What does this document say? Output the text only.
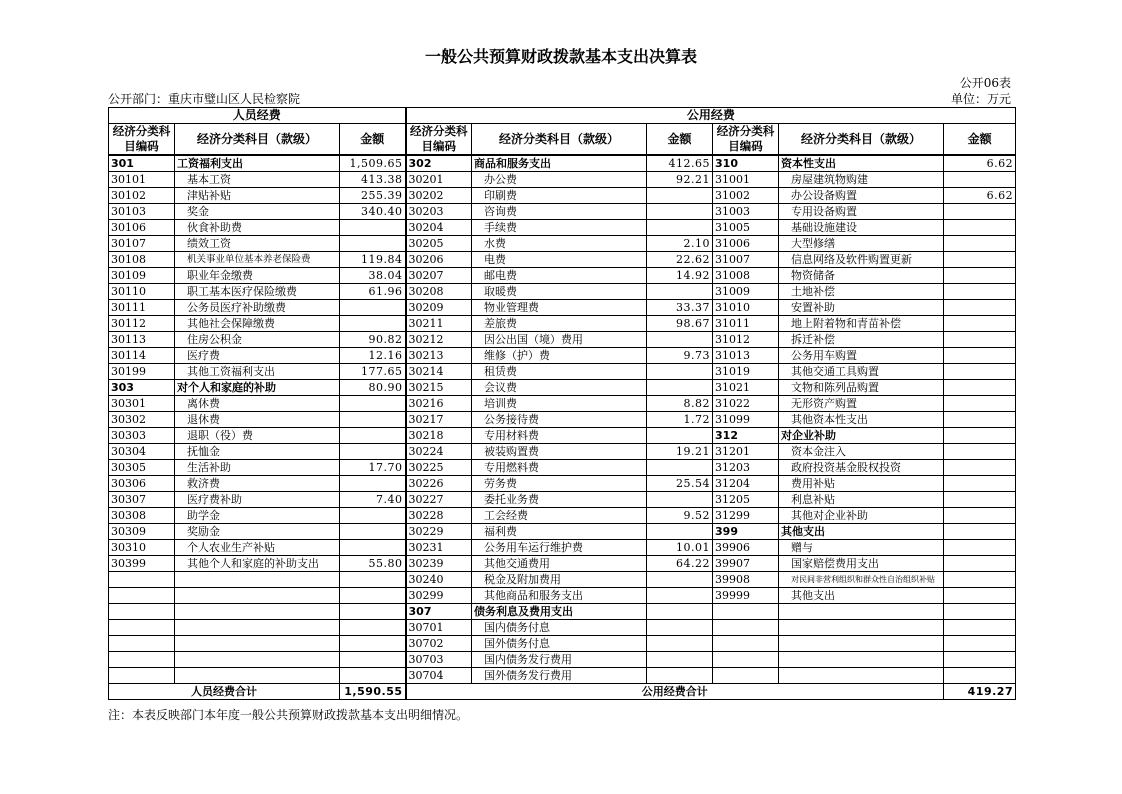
一般公共预算财政拨款基本支出决算表
公开06表
公开部门：重庆市璧山区人民检察院	单位：万元
人员经费			公用经费					
经济分类科目编码	经济分类科目（款级）	金额	经济分类科目编码	经济分类科目（款级）	金额	经济分类科目编码	经济分类科目（款级）	金额
301	工资福利支出	1,509.65	302	商品和服务支出	412.65	310	资本性支出	6.62
30101	基本工资	413.38	30201	办公费	92.21	31001	房屋建筑物购建	
30102	津贴补贴	255.39	30202	印刷费		31002	办公设备购置	6.62
30103	奖金	340.40	30203	咨询费		31003	专用设备购置	
30106	伙食补助费		30204	手续费		31005	基础设施建设	
30107	绩效工资		30205	水费	2.10	31006	大型修缮	
30108	机关事业单位基本养老保险费	119.84	30206	电费	22.62	31007	信息网络及软件购置更新	
30109	职业年金缴费	38.04	30207	邮电费	14.92	31008	物资储备	
30110	职工基本医疗保险缴费	61.96	30208	取暖费		31009	土地补偿	
30111	公务员医疗补助缴费		30209	物业管理费	33.37	31010	安置补助	
30112	其他社会保障缴费		30211	差旅费	98.67	31011	地上附着物和青苗补偿	
30113	住房公积金	90.82	30212	因公出国（境）费用		31012	拆迁补偿	
30114	医疗费	12.16	30213	维修（护）费	9.73	31013	公务用车购置	
30199	其他工资福利支出	177.65	30214	租赁费		31019	其他交通工具购置	
303	对个人和家庭的补助	80.90	30215	会议费		31021	文物和陈列品购置	
30301	离休费		30216	培训费	8.82	31022	无形资产购置	
30302	退休费		30217	公务接待费	1.72	31099	其他资本性支出	
30303	退职（役）费		30218	专用材料费		312	对企业补助	
30304	抚恤金		30224	被装购置费	19.21	31201	资本金注入	
30305	生活补助	17.70	30225	专用燃料费		31203	政府投资基金股权投资	
30306	救济费		30226	劳务费	25.54	31204	费用补贴	
30307	医疗费补助	7.40	30227	委托业务费		31205	利息补贴	
30308	助学金		30228	工会经费	9.52	31299	其他对企业补助	
30309	奖励金		30229	福利费		399	其他支出	
30310	个人农业生产补贴		30231	公务用车运行维护费	10.01	39906	赠与	
30399	其他个人和家庭的补助支出	55.80	30239	其他交通费用	64.22	39907	国家赔偿费用支出	
			30240	税金及附加费用		39908	对民间非营利组织和群众性自治组织补贴	
			30299	其他商品和服务支出		39999	其他支出	
			307	债务利息及费用支出				
			30701	国内债务付息				
			30702	国外债务付息				
			30703	国内债务发行费用				
			30704	国外债务发行费用				
人员经费合计		1,590.55	公用经费合计					419.27
注：本表反映部门本年度一般公共预算财政拨款基本支出明细情况。
